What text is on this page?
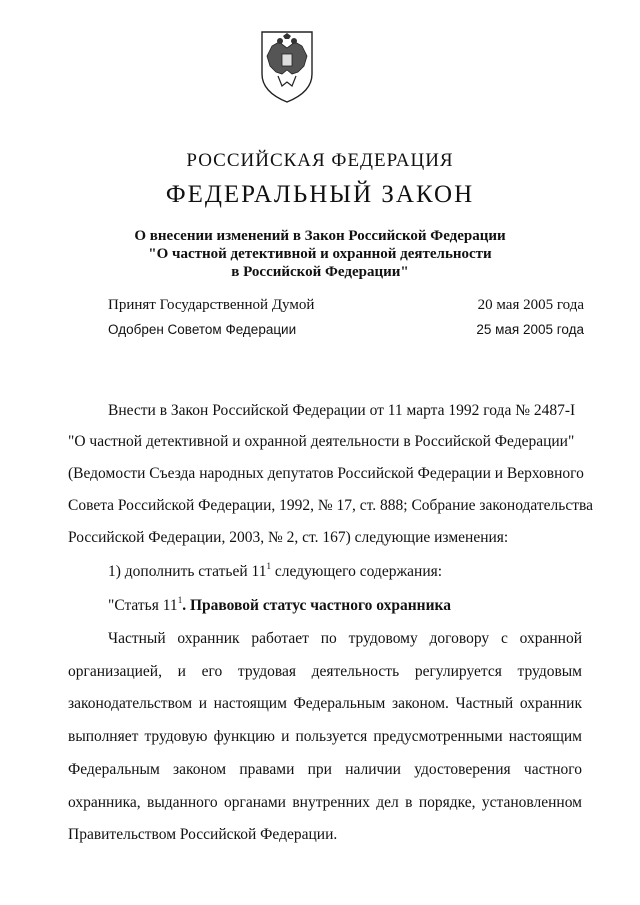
РОССИЙСКАЯ ФЕДЕРАЦИЯ
ФЕДЕРАЛЬНЫЙ ЗАКОН
О внесении изменений в Закон Российской Федерации
"О частной детективной и охранной деятельности
в Российской Федерации"
Принят Государственной Думой	20 мая 2005 года
Одобрен Советом Федерации	25 мая 2005 года
Внести в Закон Российской Федерации от 11 марта 1992 года № 2487-I
"О частной детективной и охранной деятельности в Российской Федерации"
(Ведомости Съезда народных депутатов Российской Федерации и Верховного
Совета Российской Федерации, 1992, № 17, ст. 888; Собрание законодательства
Российской Федерации, 2003, № 2, ст. 167) следующие изменения:
1) дополнить статьей $11^1$ следующего содержания:
"Статья $11^1$. Правовой статус частного охранника
Частный охранник работает по трудовому договору с охранной
организацией, и его трудовая деятельность регулируется трудовым
законодательством и настоящим Федеральным законом. Частный охранник
выполняет трудовую функцию и пользуется предусмотренными настоящим
Федеральным законом правами при наличии удостоверения частного
охранника, выданного органами внутренних дел в порядке, установленном
Правительством Российской Федерации.
